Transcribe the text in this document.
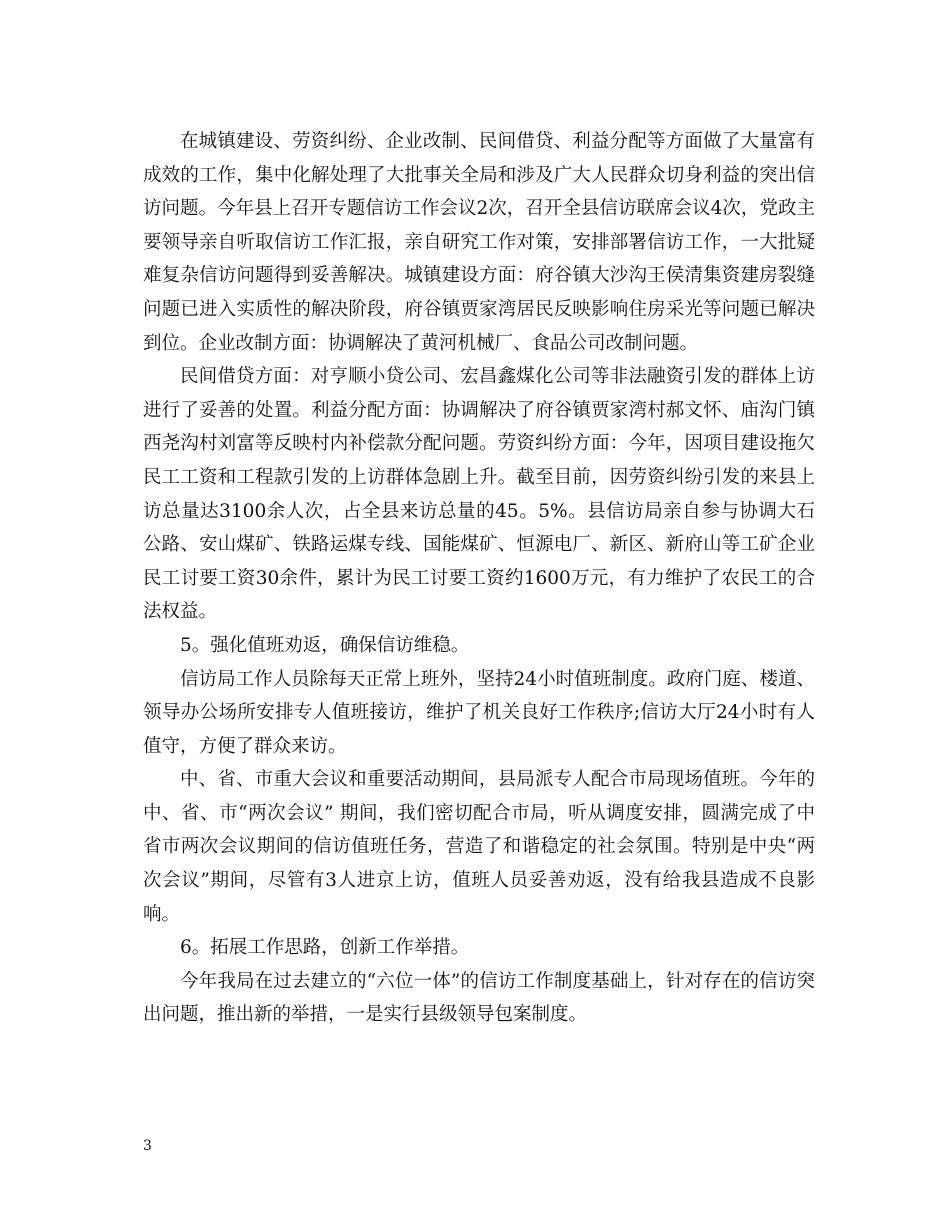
在城镇建设、劳资纠纷、企业改制、民间借贷、利益分配等方面做了大量富有成效的工作，集中化解处理了大批事关全局和涉及广大人民群众切身利益的突出信访问题。今年县上召开专题信访工作会议2次，召开全县信访联席会议4次，党政主要领导亲自听取信访工作汇报，亲自研究工作对策，安排部署信访工作，一大批疑难复杂信访问题得到妥善解决。城镇建设方面：府谷镇大沙沟王侯清集资建房裂缝问题已进入实质性的解决阶段，府谷镇贾家湾居民反映影响住房采光等问题已解决到位。企业改制方面：协调解决了黄河机械厂、食品公司改制问题。

民间借贷方面：对亨顺小贷公司、宏昌鑫煤化公司等非法融资引发的群体上访进行了妥善的处置。利益分配方面：协调解决了府谷镇贾家湾村郝文怀、庙沟门镇西尧沟村刘富等反映村内补偿款分配问题。劳资纠纷方面：今年，因项目建设拖欠民工工资和工程款引发的上访群体急剧上升。截至目前，因劳资纠纷引发的来县上访总量达3100余人次，占全县来访总量的45。5%。县信访局亲自参与协调大石公路、安山煤矿、铁路运煤专线、国能煤矿、恒源电厂、新区、新府山等工矿企业民工讨要工资30余件，累计为民工讨要工资约1600万元，有力维护了农民工的合法权益。

5。强化值班劝返，确保信访维稳。

信访局工作人员除每天正常上班外，坚持24小时值班制度。政府门庭、楼道、领导办公场所安排专人值班接访，维护了机关良好工作秩序;信访大厅24小时有人值守，方便了群众来访。

中、省、市重大会议和重要活动期间，县局派专人配合市局现场值班。今年的中、省、市“两次会议” 期间，我们密切配合市局，听从调度安排，圆满完成了中省市两次会议期间的信访值班任务，营造了和谐稳定的社会氛围。特别是中央“两次会议”期间，尽管有3人进京上访，值班人员妥善劝返，没有给我县造成不良影响。

6。拓展工作思路，创新工作举措。

今年我局在过去建立的“六位一体”的信访工作制度基础上，针对存在的信访突出问题，推出新的举措，一是实行县级领导包案制度。

3
